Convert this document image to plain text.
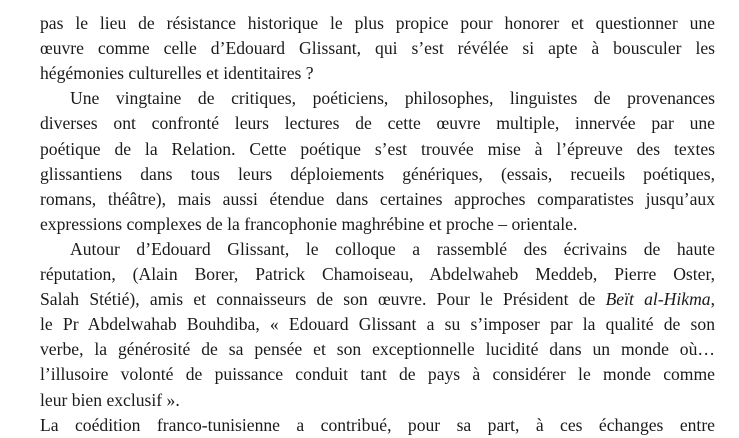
pas le lieu de résistance historique le plus propice pour honorer et questionner une
œuvre comme celle d’Edouard Glissant, qui s’est révélée si apte à bousculer les
hégémonies culturelles et identitaires ?
Une vingtaine de critiques, poéticiens, philosophes, linguistes de provenances
diverses ont confronté leurs lectures de cette œuvre multiple, innervée par une
poétique de la Relation. Cette poétique s’est trouvée mise à l’épreuve des textes
glissantiens dans tous leurs déploiements génériques, (essais, recueils poétiques,
romans, théâtre), mais aussi étendue dans certaines approches comparatistes jusqu’aux
expressions complexes de la francophonie maghrébine et proche – orientale.
Autour d’Edouard Glissant, le colloque a rassemblé des écrivains de haute
réputation, (Alain Borer, Patrick Chamoiseau, Abdelwaheb Meddeb, Pierre Oster,
Salah Stétié), amis et connaisseurs de son œuvre. Pour le Président de Beït al-Hikma,
le Pr Abdelwahab Bouhdiba, « Edouard Glissant a su s’imposer par la qualité de son
verbe, la générosité de sa pensée et son exceptionnelle lucidité dans un monde où…
l’illusoire volonté de puissance conduit tant de pays à considérer le monde comme
leur bien exclusif ».
La coédition franco-tunisienne a contribué, pour sa part, à ces échanges entre
